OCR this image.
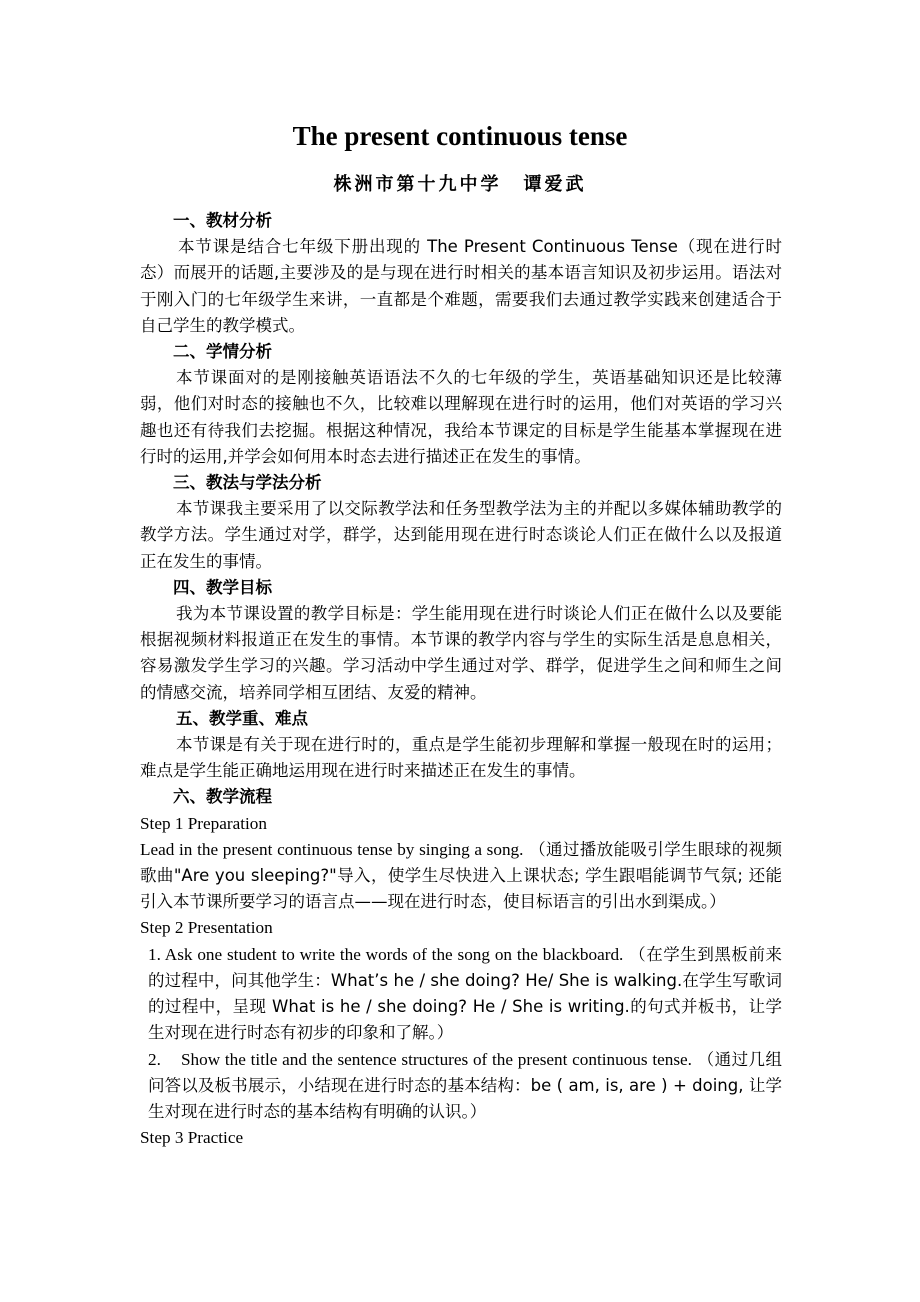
The present continuous tense
株洲市第十九中学 谭爱武

一、教材分析

本节课是结合七年级下册出现的 The Present Continuous Tense（现在进行时态）而展开的话题,主要涉及的是与现在进行时相关的基本语言知识及初步运用。语法对于刚入门的七年级学生来讲，一直都是个难题，需要我们去通过教学实践来创建适合于自己学生的教学模式。

二、学情分析

本节课面对的是刚接触英语语法不久的七年级的学生，英语基础知识还是比较薄弱，他们对时态的接触也不久，比较难以理解现在进行时的运用，他们对英语的学习兴趣也还有待我们去挖掘。根据这种情况，我给本节课定的目标是学生能基本掌握现在进行时的运用,并学会如何用本时态去进行描述正在发生的事情。

三、教法与学法分析

本节课我主要采用了以交际教学法和任务型教学法为主的并配以多媒体辅助教学的教学方法。学生通过对学，群学，达到能用现在进行时态谈论人们正在做什么以及报道正在发生的事情。

四、教学目标

我为本节课设置的教学目标是：学生能用现在进行时谈论人们正在做什么以及要能根据视频材料报道正在发生的事情。本节课的教学内容与学生的实际生活是息息相关，容易激发学生学习的兴趣。学习活动中学生通过对学、群学，促进学生之间和师生之间的情感交流，培养同学相互团结、友爱的精神。

五、教学重、难点

本节课是有关于现在进行时的，重点是学生能初步理解和掌握一般现在时的运用；难点是学生能正确地运用现在进行时来描述正在发生的事情。

六、教学流程

Step 1 Preparation

Lead in the present continuous tense by singing a song. （通过播放能吸引学生眼球的视频歌曲"Are you sleeping?"导入，使学生尽快进入上课状态; 学生跟唱能调节气氛; 还能引入本节课所要学习的语言点——现在进行时态，使目标语言的引出水到渠成。）

Step 2 Presentation

1. Ask one student to write the words of the song on the blackboard. （在学生到黑板前来的过程中，问其他学生：What’s he / she doing? He/ She is walking.在学生写歌词的过程中，呈现 What is he / she doing? He / She is writing.的句式并板书，让学生对现在进行时态有初步的印象和了解。）

2. Show the title and the sentence structures of the present continuous tense. （通过几组问答以及板书展示，小结现在进行时态的基本结构：be ( am, is, are ) + doing, 让学生对现在进行时态的基本结构有明确的认识。）

Step 3 Practice
